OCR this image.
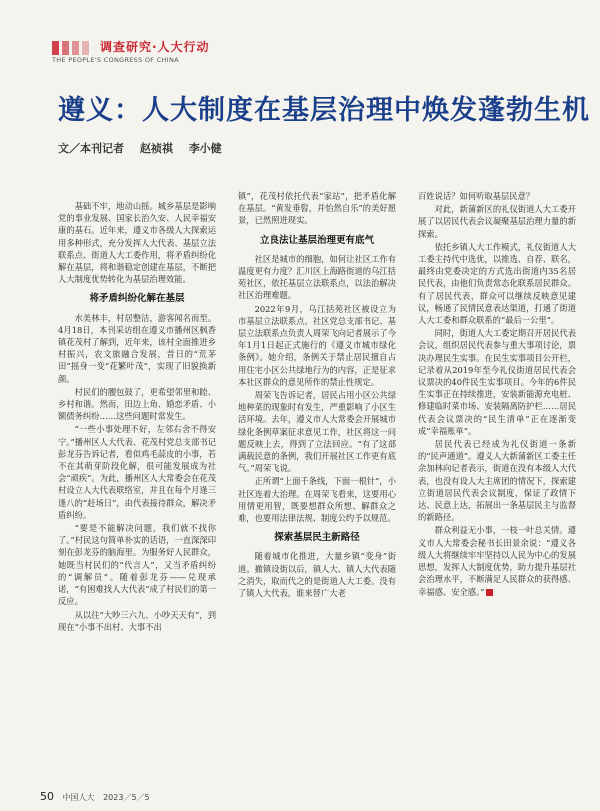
调查研究·人大行动
THE PEOPLE'S CONGRESS OF CHINA
遵义：人大制度在基层治理中焕发蓬勃生机
文／本刊记者 赵祯祺 李小健

基础不牢，地动山摇。城乡基层是影响党的事业发展、国家长治久安、人民幸福安康的基石。近年来，遵义市各级人大探索运用多种形式，充分发挥人大代表、基层立法联系点、街道人大工委作用，将矛盾纠纷化解在基层，将和谐稳定创建在基层，不断把人大制度优势转化为基层治理效能。

将矛盾纠纷化解在基层

水美林丰，村居整洁，游客闻名而至。4月18日，本刊采访组在遵义市播州区枫香镇花茂村了解到，近年来，该村全面推进乡村振兴，农文旅融合发展，昔日的“荒茅田”摇身一变“花繁叶茂”，实现了旧貌换新颜。

村民们的腰包鼓了，更希望邻里和睦、乡村和谐。然而，田边上角、婚恋矛盾、小额债务纠纷……这些问题时常发生。

“一些小事处理不好，左邻右舍不得安宁。”播州区人大代表、花茂村党总支部书记彭龙芬告诉记者，看似鸡毛蒜皮的小事，若不在其萌芽阶段化解，很可能发展成为社会“顽疾”。为此，播州区人大常委会在花茂村设立人大代表联络室，并且在每个月逢三逢八的“赶场日”，由代表接待群众，解决矛盾纠纷。

“要是不能解决问题，我们就不找你了。”村民这句简单朴实的话语，一直深深印刻在彭龙芬的脑海里。为服务好人民群众，她既当村民们的“代言人”，又当矛盾纠纷的“调解员”。随着彭龙芬——兑现承诺，“有困难找人大代表”成了村民们的第一反应。

从以往“大吵三六九、小吵天天有”，到现在“小事不出村、大事不出

镇”，花茂村依托代表“家站”，把矛盾化解在基层。“黄发垂髫，并怡然自乐”的美好愿景，已然照进现实。

立良法让基层治理更有底气

社区是城市的细胞，如何让社区工作有温度更有力度？汇川区上海路街道的乌江括苑社区，依托基层立法联系点，以法治解决社区治理难题。

2022年9月，乌江括苑社区被设立为市基层立法联系点。社区党总支部书记、基层立法联系点负责人周荣飞向记者展示了今年1月1日起正式施行的《遵义市城市绿化条例》。她介绍，条例关于禁止居民擅自占用住宅小区公共绿地行为的内容，正是征求本社区群众的意见所作的禁止性规定。

周荣飞告诉记者，居民占用小区公共绿地种菜的现象时有发生，严重影响了小区生活环境。去年，遵义市人大常委会开展城市绿化条例草案征求意见工作，社区将这一问题反映上去，得到了立法回应。“有了这部满载民意的条例，我们开展社区工作更有底气。”周荣飞说。

正所谓“上面千条线，下面一根针”，小社区连着大治理。在周荣飞看来，这要用心用情更用智，既要想群众所想、解群众之难，也要用法律法规、制度公约予以规范。

探索基层民主新路径

随着城市化推进，大量乡镇“变身”街道。撤镇设街以后，镇人大、镇人大代表随之消失，取而代之的是街道人大工委。没有了镇人大代表，谁来替广大老

百姓说话？如何听取基层民意？

对此，新蒲新区的礼仪街道人大工委开展了以居民代表会议凝聚基层治理力量的新探索。

依托乡镇人大工作模式，礼仪街道人大工委主持代中选优，以推选、自荐、联名，最终由党委决定的方式选出街道内35名居民代表，由他们负责常态化联系居民群众。有了居民代表，群众可以继续反映意见建议，畅通了民情民意表达渠道，打通了街道人大工委和群众联系的“最后一公里”。

同时，街道人大工委定期召开居民代表会议，组织居民代表参与重大事项讨论，票决办理民生实事。在民生实事项目公开栏，记录着从2019年至今礼仪街道居民代表会议票决的40件民生实事项目。今年的6件民生实事正在持续推进，安装新能源充电桩、修建临时菜市场、安装隔离防护栏……居民代表会议票决的“民生清单”正在逐渐变成“幸福账单”。

居民代表已经成为礼仪街道一条新的“民声通道”。遵义人大新蒲新区工委主任余加林向记者表示，街道在没有本级人大代表，也没有设人大主席团的情况下，探索建立街道居民代表会议制度，保证了政情下达、民意上达，拓展出一条基层民主与监督的新路径。

群众利益无小事，一枝一叶总关情。遵义市人大常委会秘书长田景余说：“遵义各级人大将继续牢牢坚持以人民为中心的发展思想，发挥人大制度优势，助力提升基层社会治理水平，不断满足人民群众的获得感、幸福感、安全感。”

50 中国人大 2023／5／5
